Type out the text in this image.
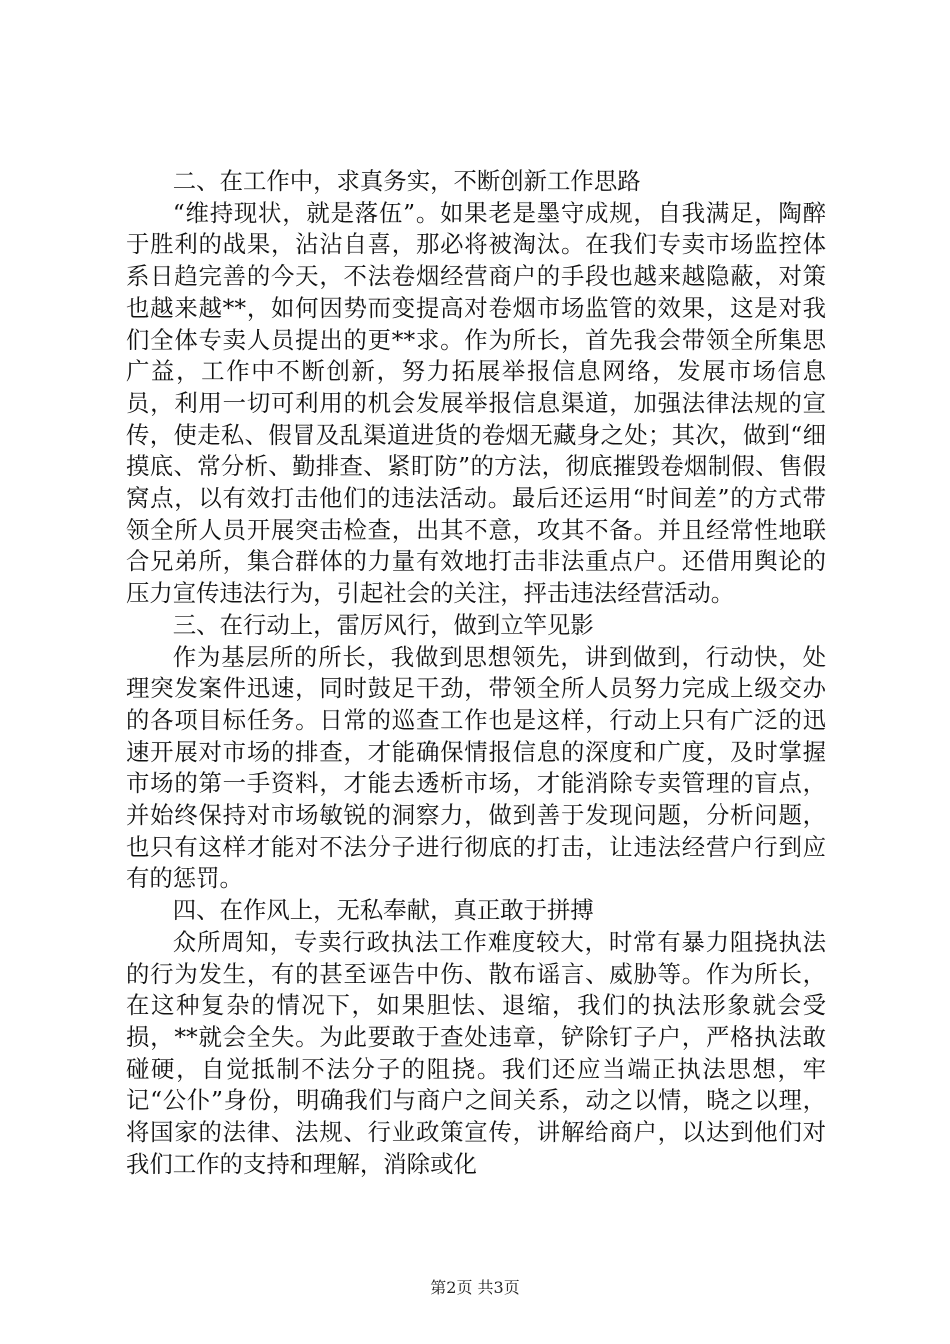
二、在工作中，求真务实，不断创新工作思路

“维持现状，就是落伍”。如果老是墨守成规，自我满足，陶醉于胜利的战果，沾沾自喜，那必将被淘汰。在我们专卖市场监控体系日趋完善的今天，不法卷烟经营商户的手段也越来越隐蔽，对策也越来越**，如何因势而变提高对卷烟市场监管的效果，这是对我们全体专卖人员提出的更**求。作为所长，首先我会带领全所集思广益，工作中不断创新，努力拓展举报信息网络，发展市场信息员，利用一切可利用的机会发展举报信息渠道，加强法律法规的宣传，使走私、假冒及乱渠道进货的卷烟无藏身之处；其次，做到“细摸底、常分析、勤排查、紧盯防”的方法，彻底摧毁卷烟制假、售假窝点，以有效打击他们的违法活动。最后还运用“时间差”的方式带领全所人员开展突击检查，出其不意，攻其不备。并且经常性地联合兄弟所，集合群体的力量有效地打击非法重点户。还借用舆论的压力宣传违法行为，引起社会的关注，抨击违法经营活动。

三、在行动上，雷厉风行，做到立竿见影

作为基层所的所长，我做到思想领先，讲到做到，行动快，处理突发案件迅速，同时鼓足干劲，带领全所人员努力完成上级交办的各项目标任务。日常的巡查工作也是这样，行动上只有广泛的迅速开展对市场的排查，才能确保情报信息的深度和广度，及时掌握市场的第一手资料，才能去透析市场，才能消除专卖管理的盲点，并始终保持对市场敏锐的洞察力，做到善于发现问题，分析问题，也只有这样才能对不法分子进行彻底的打击，让违法经营户行到应有的惩罚。

四、在作风上，无私奉献，真正敢于拼搏

众所周知，专卖行政执法工作难度较大，时常有暴力阻挠执法的行为发生，有的甚至诬告中伤、散布谣言、威胁等。作为所长，在这种复杂的情况下，如果胆怯、退缩，我们的执法形象就会受损，**就会全失。为此要敢于查处违章，铲除钉子户，严格执法敢碰硬，自觉抵制不法分子的阻挠。我们还应当端正执法思想，牢记“公仆”身份，明确我们与商户之间关系，动之以情，晓之以理，将国家的法律、法规、行业政策宣传，讲解给商户，以达到他们对我们工作的支持和理解，消除或化

第2页 共3页
